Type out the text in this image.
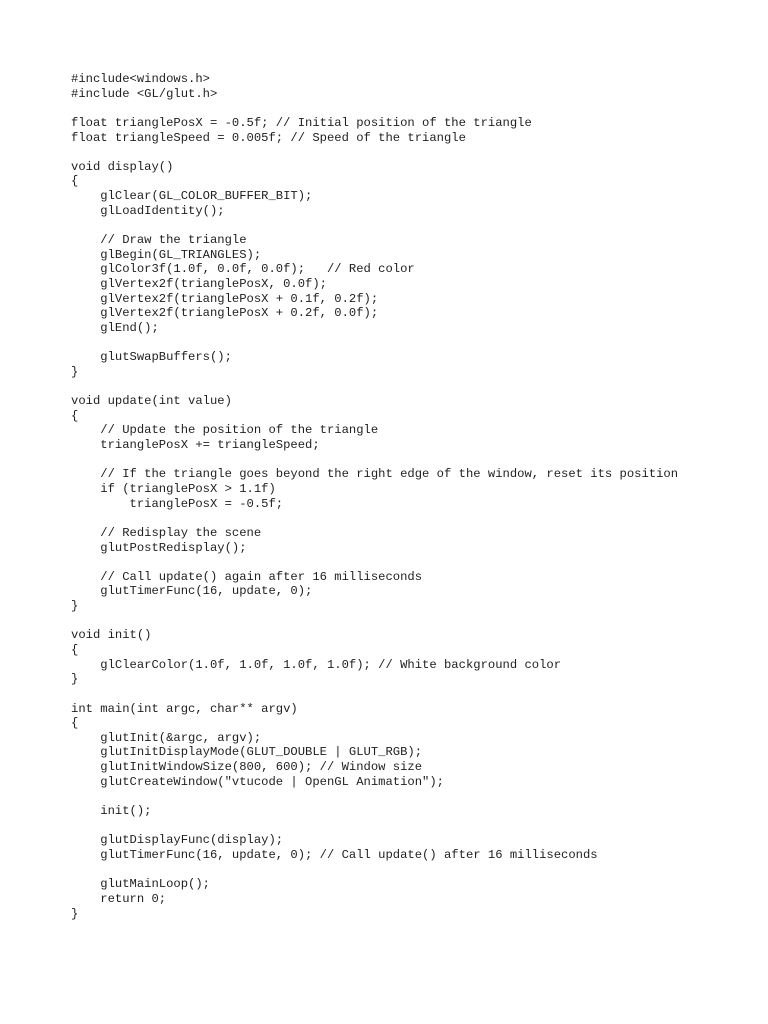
#include<windows.h>
#include <GL/glut.h>
float trianglePosX = -0.5f; // Initial position of the triangle
float triangleSpeed = 0.005f; // Speed of the triangle
void display()
{
glClear(GL_COLOR_BUFFER_BIT);
glLoadIdentity();
// Draw the triangle
glBegin(GL_TRIANGLES);
glColor3f(1.0f, 0.0f, 0.0f);   // Red color
glVertex2f(trianglePosX, 0.0f);
glVertex2f(trianglePosX + 0.1f, 0.2f);
glVertex2f(trianglePosX + 0.2f, 0.0f);
glEnd();
glutSwapBuffers();
}
void update(int value)
{
// Update the position of the triangle
trianglePosX += triangleSpeed;
// If the triangle goes beyond the right edge of the window, reset its position
if (trianglePosX > 1.1f)
trianglePosX = -0.5f;
// Redisplay the scene
glutPostRedisplay();
// Call update() again after 16 milliseconds
glutTimerFunc(16, update, 0);
}
void init()
{
glClearColor(1.0f, 1.0f, 1.0f, 1.0f); // White background color
}
int main(int argc, char** argv)
{
glutInit(&argc, argv);
glutInitDisplayMode(GLUT_DOUBLE | GLUT_RGB);
glutInitWindowSize(800, 600); // Window size
glutCreateWindow("vtucode | OpenGL Animation");
init();
glutDisplayFunc(display);
glutTimerFunc(16, update, 0); // Call update() after 16 milliseconds
glutMainLoop();
return 0;
}
